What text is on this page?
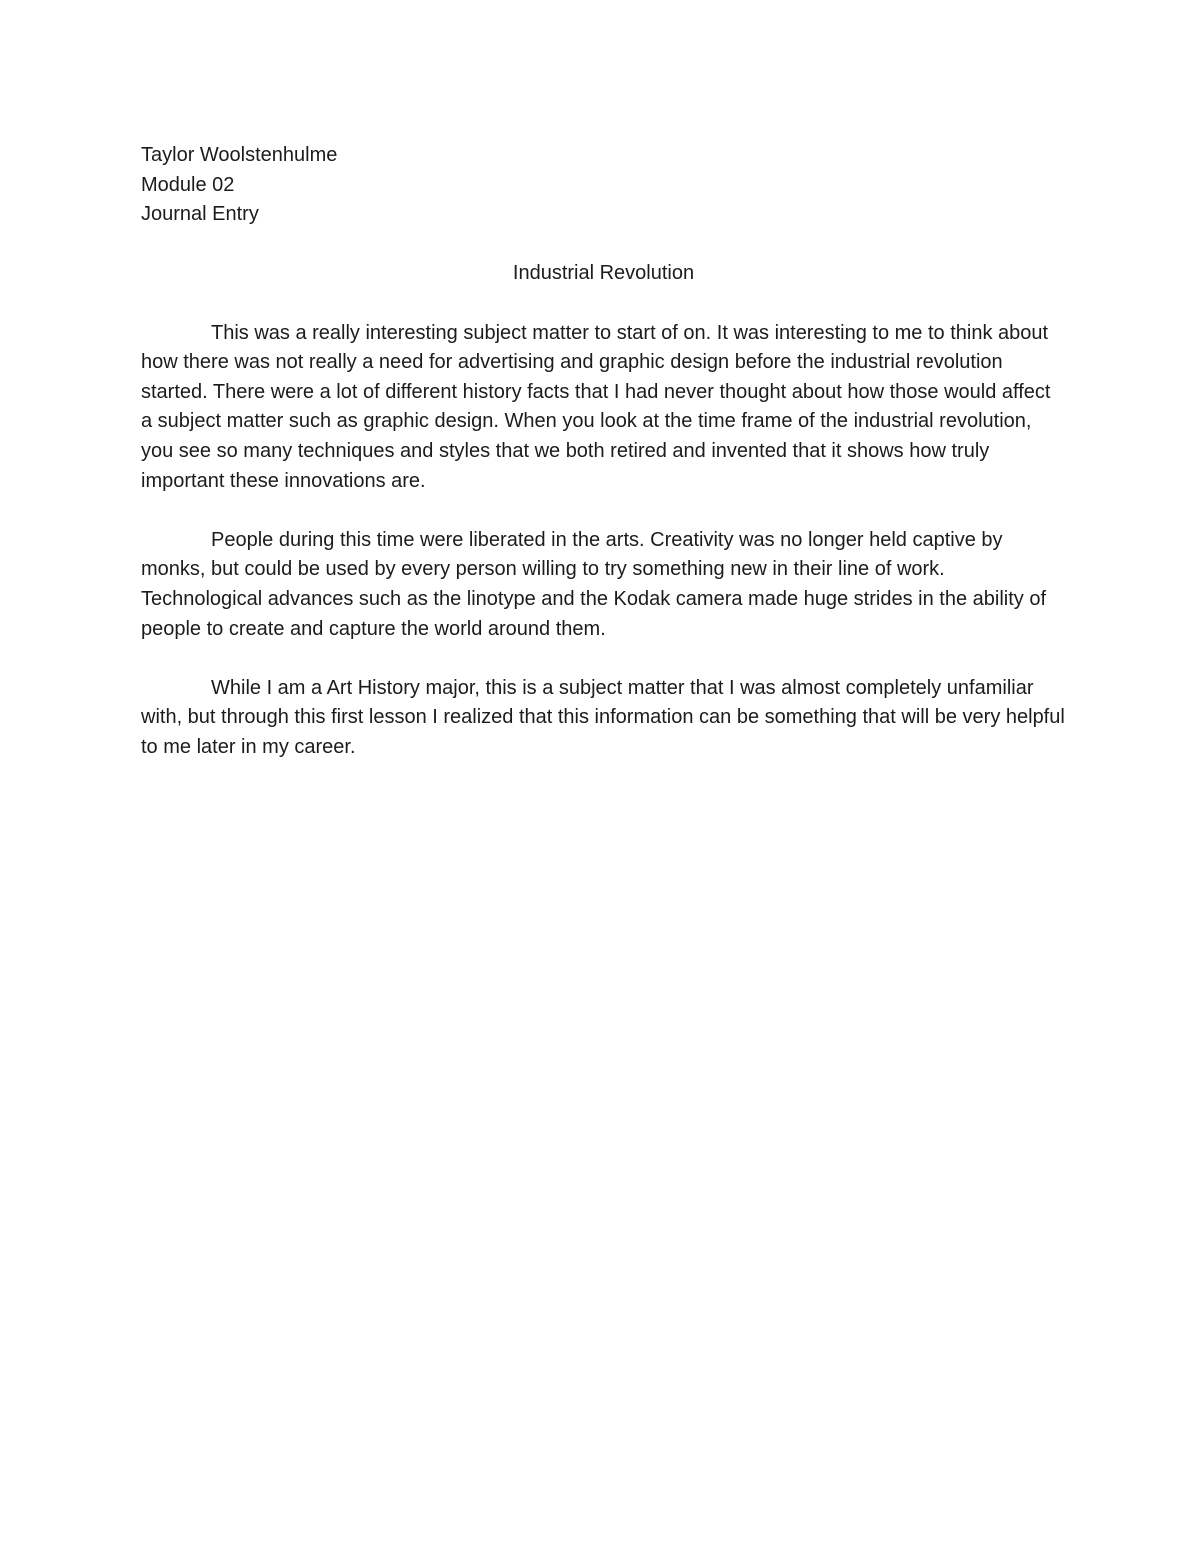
Taylor Woolstenhulme
Module 02
Journal Entry
Industrial Revolution

This was a really interesting subject matter to start of on. It was interesting to me to think about how there was not really a need for advertising and graphic design before the industrial revolution started. There were a lot of different history facts that I had never thought about how those would affect a subject matter such as graphic design. When you look at the time frame of the industrial revolution, you see so many techniques and styles that we both retired and invented that it shows how truly important these innovations are.

People during this time were liberated in the arts. Creativity was no longer held captive by monks, but could be used by every person willing to try something new in their line of work. Technological advances such as the linotype and the Kodak camera made huge strides in the ability of people to create and capture the world around them.

While I am a Art History major, this is a subject matter that I was almost completely unfamiliar with, but through this first lesson I realized that this information can be something that will be very helpful to me later in my career.
